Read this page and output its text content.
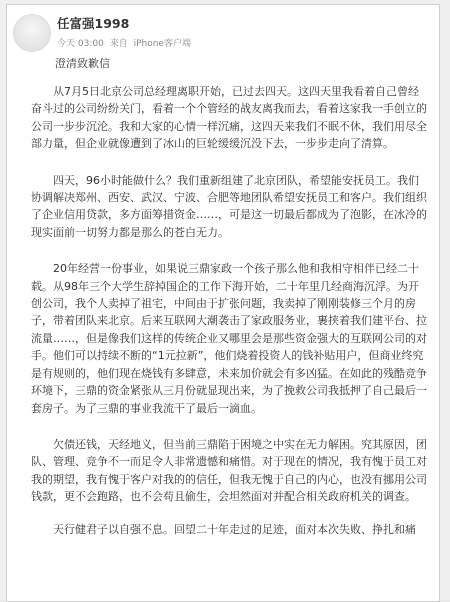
任富强1998
今天 03:00 来自 iPhone客户端
澄清致歉信

从7月5日北京公司总经理离职开始，已过去四天。这四天里我看着自己曾经奋斗过的公司纷纷关门，看着一个个管经的战友离我而去，看着这家我一手创立的公司一步步沉沦。我和大家的心情一样沉痛，这四天来我们不眠不休，我们用尽全部力量，但企业就像遭到了冰山的巨轮缓缓沉没下去，一步步走向了清算。

四天，96小时能做什么？我们重新组建了北京团队，希望能安抚员工。我们协调解决郑州、西安、武汉、宁波、合肥等地团队希望安抚员工和客户。我们组织了企业信用贷款，多方面筹措资金……，可是这一切最后都成为了泡影，在冰冷的现实面前一切努力都是那么的苍白无力。

20年经营一份事业，如果说三鼎家政一个孩子那么他和我相守相伴已经二十载。从98年三个大学生辞掉国企的工作下海开始，二十年里几经商海沉浮。为开创公司，我个人卖掉了祖宅，中间由于扩张问题，我卖掉了刚刚装修三个月的房子，带着团队来北京。后来互联网大潮袭击了家政服务业，裹挟着我们建平台、拉流量……，但是像我们这样的传统企业又哪里会是那些资金强大的互联网公司的对手。他们可以持续不断的“1元拉新”，他们烧着投资人的钱补贴用户，但商业终究是有规则的，他们现在烧钱有多肆意，未来加价就会有多凶猛。在如此的残酷竞争环境下，三鼎的资金紧张从三月份就显现出来，为了挽救公司我抵押了自己最后一套房子。为了三鼎的事业我流干了最后一滴血。

欠债还钱，天经地义，但当前三鼎陷于困境之中实在无力解困。究其原因，团队、管理、竞争不一而足令人非常遗憾和痛惜。对于现在的情况，我有愧于员工对我的期望，我有愧于客户对我的的信任，但我无愧于自己的内心，也没有挪用公司钱款，更不会跑路，也不会苟且偷生，会坦然面对并配合相关政府机关的调查。

天行健君子以自强不息。回望二十年走过的足迹，面对本次失败、挣扎和痛
